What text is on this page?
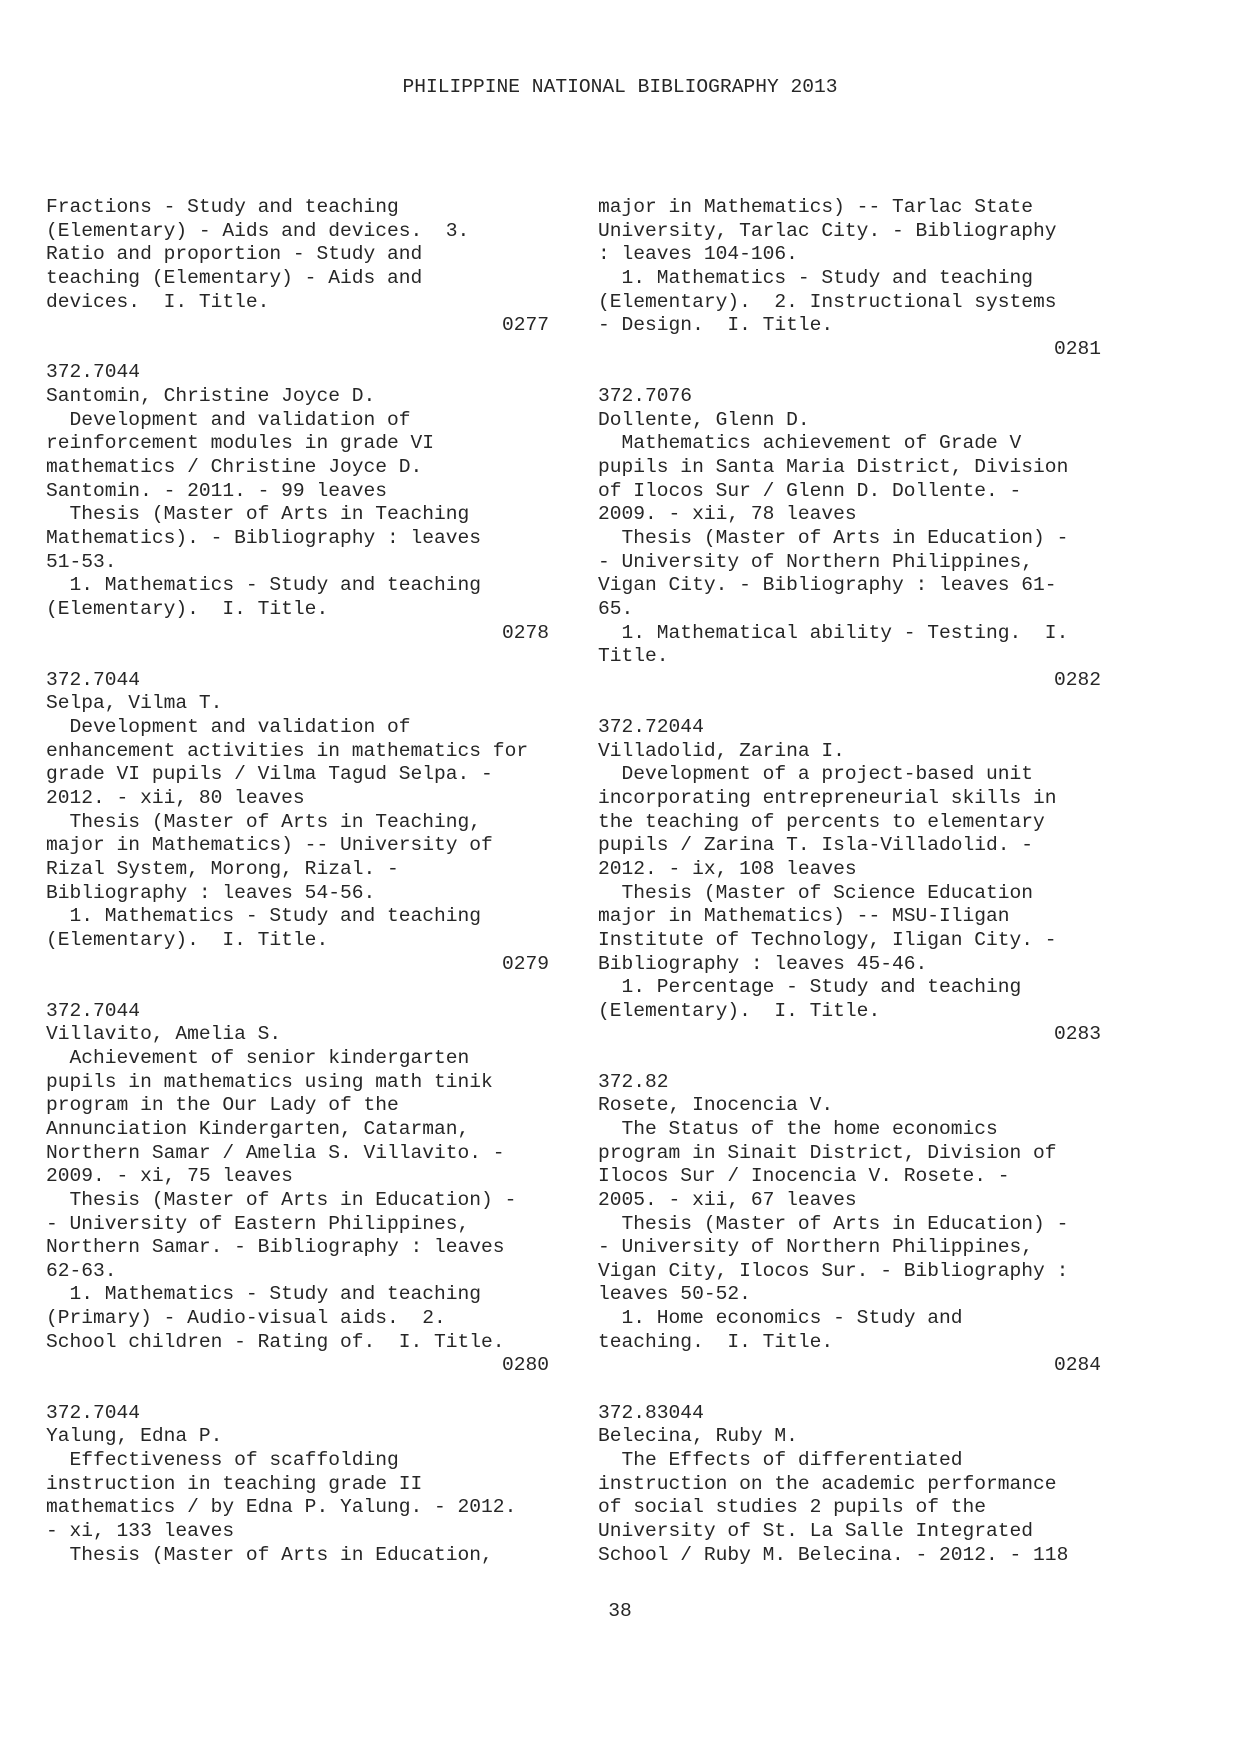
PHILIPPINE NATIONAL BIBLIOGRAPHY 2013
Fractions - Study and teaching
(Elementary) - Aids and devices.  3.
Ratio and proportion - Study and
teaching (Elementary) - Aids and
devices.  I. Title.
0277
372.7044
Santomin, Christine Joyce D.
Development and validation of
reinforcement modules in grade VI
mathematics / Christine Joyce D.
Santomin. - 2011. - 99 leaves
Thesis (Master of Arts in Teaching
Mathematics). - Bibliography : leaves
51-53.
1. Mathematics - Study and teaching
(Elementary).  I. Title.
0278
372.7044
Selpa, Vilma T.
Development and validation of
enhancement activities in mathematics for
grade VI pupils / Vilma Tagud Selpa. -
2012. - xii, 80 leaves
Thesis (Master of Arts in Teaching,
major in Mathematics) -- University of
Rizal System, Morong, Rizal. -
Bibliography : leaves 54-56.
1. Mathematics - Study and teaching
(Elementary).  I. Title.
0279
372.7044
Villavito, Amelia S.
Achievement of senior kindergarten
pupils in mathematics using math tinik
program in the Our Lady of the
Annunciation Kindergarten, Catarman,
Northern Samar / Amelia S. Villavito. -
2009. - xi, 75 leaves
Thesis (Master of Arts in Education) -
- University of Eastern Philippines,
Northern Samar. - Bibliography : leaves
62-63.
1. Mathematics - Study and teaching
(Primary) - Audio-visual aids.  2.
School children - Rating of.  I. Title.
0280
372.7044
Yalung, Edna P.
Effectiveness of scaffolding
instruction in teaching grade II
mathematics / by Edna P. Yalung. - 2012.
- xi, 133 leaves
Thesis (Master of Arts in Education,
major in Mathematics) -- Tarlac State
University, Tarlac City. - Bibliography
: leaves 104-106.
1. Mathematics - Study and teaching
(Elementary).  2. Instructional systems
- Design.  I. Title.
0281
372.7076
Dollente, Glenn D.
Mathematics achievement of Grade V
pupils in Santa Maria District, Division
of Ilocos Sur / Glenn D. Dollente. -
2009. - xii, 78 leaves
Thesis (Master of Arts in Education) -
- University of Northern Philippines,
Vigan City. - Bibliography : leaves 61-
65.
1. Mathematical ability - Testing.  I.
Title.
0282
372.72044
Villadolid, Zarina I.
Development of a project-based unit
incorporating entrepreneurial skills in
the teaching of percents to elementary
pupils / Zarina T. Isla-Villadolid. -
2012. - ix, 108 leaves
Thesis (Master of Science Education
major in Mathematics) -- MSU-Iligan
Institute of Technology, Iligan City. -
Bibliography : leaves 45-46.
1. Percentage - Study and teaching
(Elementary).  I. Title.
0283
372.82
Rosete, Inocencia V.
The Status of the home economics
program in Sinait District, Division of
Ilocos Sur / Inocencia V. Rosete. -
2005. - xii, 67 leaves
Thesis (Master of Arts in Education) -
- University of Northern Philippines,
Vigan City, Ilocos Sur. - Bibliography :
leaves 50-52.
1. Home economics - Study and
teaching.  I. Title.
0284
372.83044
Belecina, Ruby M.
The Effects of differentiated
instruction on the academic performance
of social studies 2 pupils of the
University of St. La Salle Integrated
School / Ruby M. Belecina. - 2012. - 118
38
